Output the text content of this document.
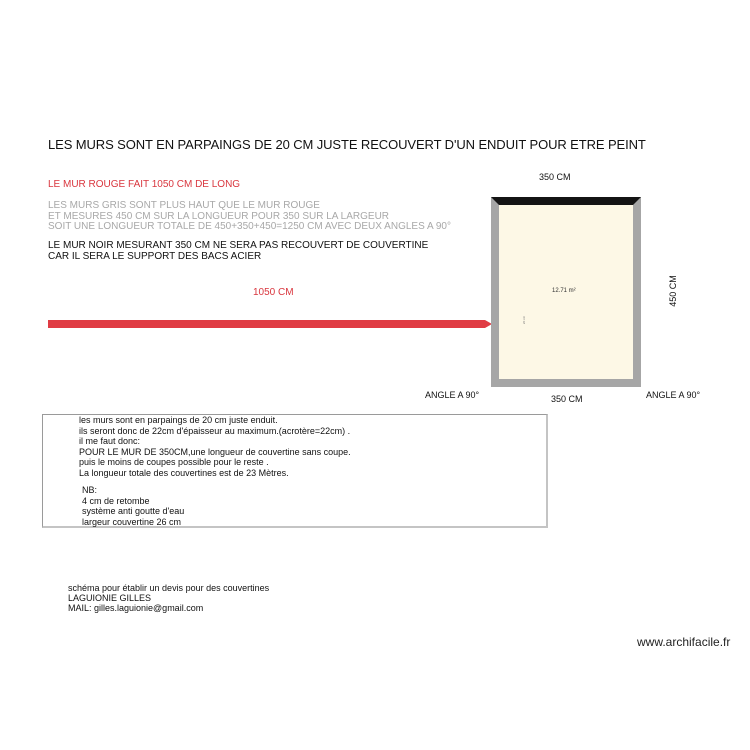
LES MURS SONT EN PARPAINGS DE 20 CM JUSTE RECOUVERT D'UN ENDUIT POUR ETRE PEINT
LE MUR ROUGE FAIT 1050 CM DE LONG
LES MURS GRIS SONT PLUS HAUT QUE LE MUR ROUGE
ET MESURES 450 CM SUR LA LONGUEUR POUR 350 SUR LA LARGEUR
SOIT UNE LONGUEUR TOTALE DE 450+350+450=1250 CM AVEC DEUX ANGLES A 90°
LE MUR NOIR MESURANT 350 CM NE SERA PAS RECOUVERT DE COUVERTINE
CAR IL SERA LE SUPPORT DES BACS ACIER
1050 CM	12.71 m²
20 cm
350 CM
450 CM
350 CM
ANGLE A 90°	ANGLE A 90°
les murs sont en parpaings de 20 cm juste enduit.
ils seront donc de 22cm d'épaisseur au maximum.(acrotère=22cm) .
il me faut donc:
POUR LE MUR DE 350CM,une longueur de couvertine sans coupe.
puis le moins de coupes possible pour le reste .
La longueur totale des couvertines est de 23 Mètres.
NB:
4 cm de retombe
système anti goutte d'eau
largeur couvertine 26 cm
schéma pour établir un devis pour des couvertines
LAGUIONIE GILLES
MAIL: gilles.laguionie@gmail.com
www.archifacile.fr
